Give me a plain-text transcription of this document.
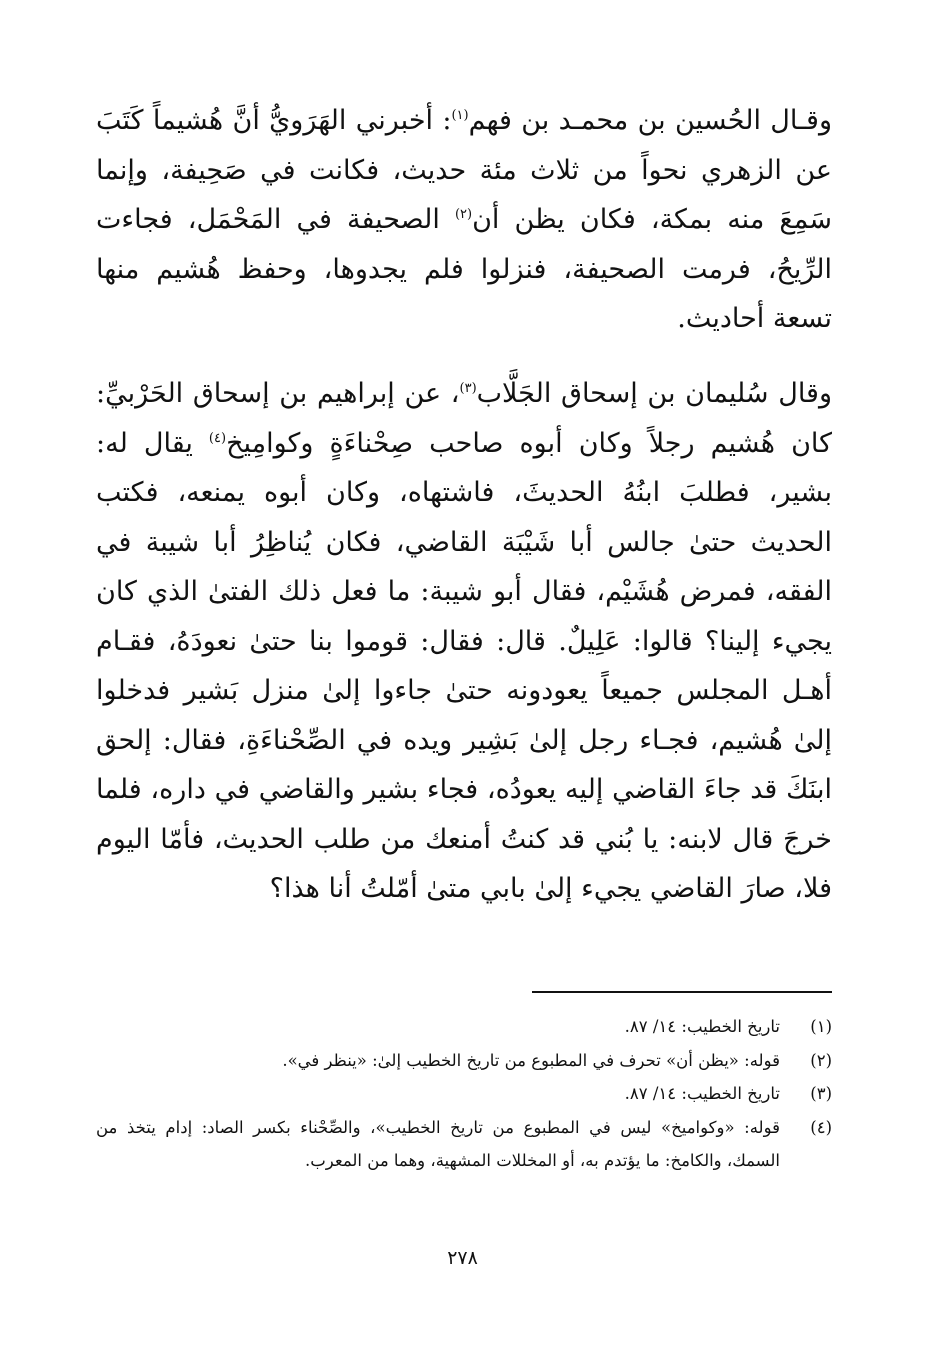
وقـال الحُسين بن محمـد بن فهم$^{(١)}$: أخبرني الهَرَويُّ أنَّ هُشيماً كَتَبَ عن الزهري نحواً من ثلاث مئة حديث، فكانت في صَحِيفة، وإنما سَمِعَ منه بمكة، فكان يظن أن$^{(٢)}$ الصحيفة في المَحْمَل، فجاءت الرِّيحُ، فرمت الصحيفة، فنزلوا فلم يجدوها، وحفظ هُشيم منها تسعة أحاديث.

وقال سُليمان بن إسحاق الجَلَّاب$^{(٣)}$، عن إبراهيم بن إسحاق الحَرْبيِّ: كان هُشيم رجلاً وكان أبوه صاحب صِحْناءَةٍ وكوامِيخ$^{(٤)}$ يقال له: بشير، فطلبَ ابنُهُ الحديثَ، فاشتهاه، وكان أبوه يمنعه، فكتب الحديث حتىٰ جالس أبا شَيْبَة القاضي، فكان يُناظِرُ أبا شيبة في الفقه، فمرض هُشَيْم، فقال أبو شيبة: ما فعل ذلك الفتىٰ الذي كان يجيء إلينا؟ قالوا: عَلِيلٌ. قال: فقال: قوموا بنا حتىٰ نعودَهُ، فقـام أهـل المجلس جميعاً يعودونه حتىٰ جاءوا إلىٰ منزل بَشير فدخلوا إلىٰ هُشيم، فجـاء رجل إلىٰ بَشِير ويده في الصِّحْناءَةِ، فقال: إلحق ابنَكَ قد جاءَ القاضي إليه يعودُه، فجاء بشير والقاضي في داره، فلما خرجَ قال لابنه: يا بُني قد كنتُ أمنعك من طلب الحديث، فأمّا اليوم فلا، صارَ القاضي يجيء إلىٰ بابي متىٰ أمّلتُ أنا هذا؟

(١)
تاريخ الخطيب: ١٤/ ٨٧.
(٢)
قوله: «يظن أن» تحرف في المطبوع من تاريخ الخطيب إلىٰ: «ينظر في».
(٣)
تاريخ الخطيب: ١٤/ ٨٧.
(٤)
قوله: «وكواميخ» ليس في المطبوع من تاريخ الخطيب»، والصِّحْناء بكسر الصاد: إدام يتخذ من السمك، والكامخ: ما يؤتدم به، أو المخللات المشهية، وهما من المعرب.
٢٧٨
